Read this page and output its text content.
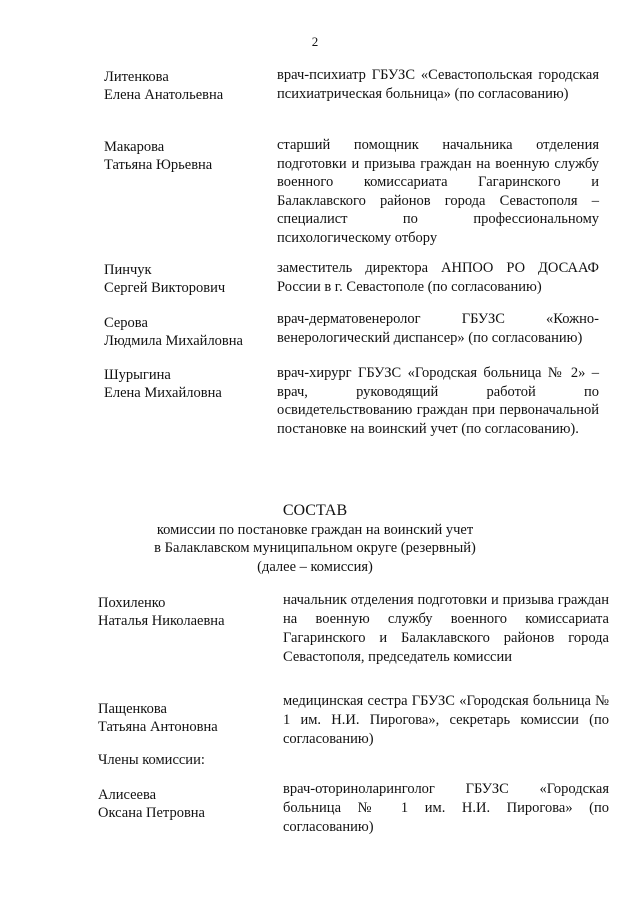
2
Литенкова
Елена Анатольевна
врач-психиатр ГБУЗС «Севастопольская городская психиатрическая больница» (по согласованию)
Макарова
Татьяна Юрьевна
старший помощник начальника отделения подготовки и призыва граждан на военную службу военного комиссариата Гагаринского и Балаклавского районов города Севастополя – специалист по профессиональному психологическому отбору
Пинчук
Сергей Викторович
заместитель директора АНПОО РО ДОСААФ России в г. Севастополе (по согласованию)
Серова
Людмила Михайловна
врач-дерматовенеролог ГБУЗС «Кожно-венерологический диспансер» (по согласованию)
Шурыгина
Елена Михайловна
врач-хирург ГБУЗС «Городская больница № 2» – врач, руководящий работой по освидетельствованию граждан при первоначальной постановке на воинский учет (по согласованию).
СОСТАВ
комиссии по постановке граждан на воинский учет
в Балаклавском муниципальном округе (резервный)
(далее – комиссия)
Похиленко
Наталья Николаевна
начальник отделения подготовки и призыва граждан на военную службу военного комиссариата Гагаринского и Балаклавского районов города Севастополя, председатель комиссии
Пащенкова
Татьяна Антоновна
медицинская сестра ГБУЗС «Городская больница № 1 им. Н.И. Пирогова», секретарь комиссии (по согласованию)
Члены комиссии:
Алисеева
Оксана Петровна
врач-оториноларинголог ГБУЗС «Городская больница № 1 им. Н.И. Пирогова» (по согласованию)
